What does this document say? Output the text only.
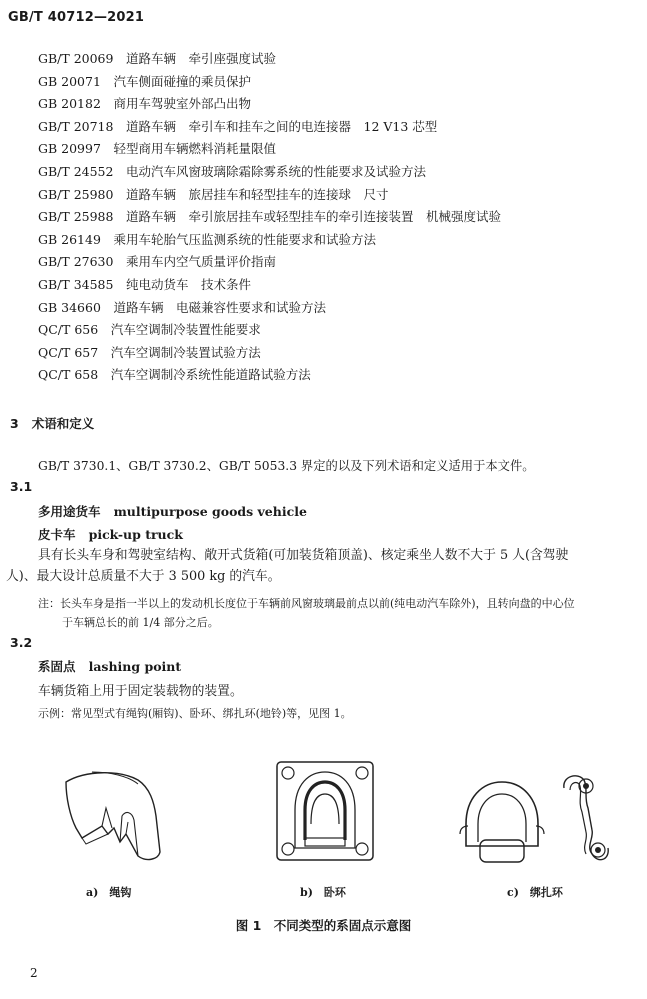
GB/T 40712—2021
GB/T 20069　 道路车辆　牵引座强度试验
GB 20071　 汽车侧面碰撞的乘员保护
GB 20182　 商用车驾驶室外部凸出物
GB/T 20718　 道路车辆　牵引车和挂车之间的电连接器　12 V13 芯型
GB 20997　 轻型商用车辆燃料消耗量限值
GB/T 24552　 电动汽车风窗玻璃除霜除雾系统的性能要求及试验方法
GB/T 25980　 道路车辆　旅居挂车和轻型挂车的连接球　尺寸
GB/T 25988　 道路车辆　牵引旅居挂车或轻型挂车的牵引连接装置　机械强度试验
GB 26149　 乘用车轮胎气压监测系统的性能要求和试验方法
GB/T 27630　 乘用车内空气质量评价指南
GB/T 34585　 纯电动货车　技术条件
GB 34660　 道路车辆　电磁兼容性要求和试验方法
QC/T 656　 汽车空调制冷装置性能要求
QC/T 657　 汽车空调制冷装置试验方法
QC/T 658　 汽车空调制冷系统性能道路试验方法
3 术语和定义
GB/T 3730.1、GB/T 3730.2、GB/T 5053.3 界定的以及下列术语和定义适用于本文件。
3.1
多用途货车 multipurpose goods vehicle
皮卡车 pick-up truck
具有长头车身和驾驶室结构、敞开式货箱(可加装货箱顶盖)、核定乘坐人数不大于 5 人(含驾驶
人)、最大设计总质量不大于 3 500 kg 的汽车。
注：长头车身是指一半以上的发动机长度位于车辆前风窗玻璃最前点以前(纯电动汽车除外)，且转向盘的中心位
于车辆总长的前 1/4 部分之后。
3.2
系固点 lashing point
车辆货箱上用于固定装载物的装置。
示例：常见型式有绳钩(厢钩)、卧环、绑扎环(地铃)等，见图 1。
a)　绳钩	b)　卧环	c)　绑扎环
图 1　不同类型的系固点示意图
2
